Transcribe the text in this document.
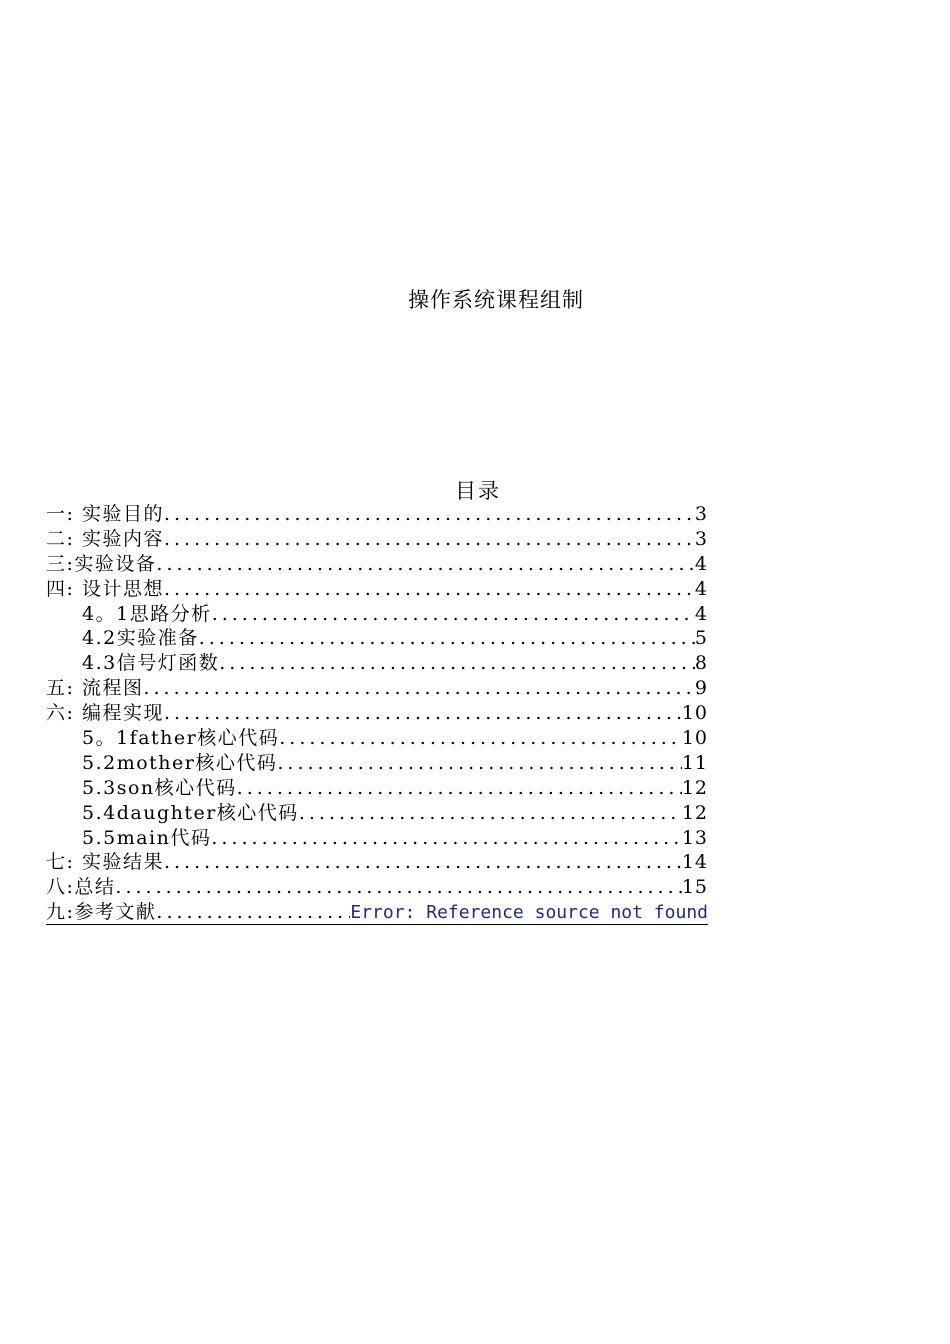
操作系统课程组制
目录
一: 实验目的 .....	3
二: 实验内容 .....	3
三:实验设备 .....	4
四: 设计思想 .....	4
4。1思路分析 .....	4
4.2实验准备 .....	5
4.3信号灯函数 .....	8
五: 流程图 .....	9
六: 编程实现 .....	10
5。1father核心代码 .....	10
5.2mother核心代码 .....	11
5.3son核心代码 .....	12
5.4daughter核心代码 .....	12
5.5main代码 .....	13
七: 实验结果 .....	14
八:总结 .....	15
九:参考文献 .....	Error: Reference source not found
